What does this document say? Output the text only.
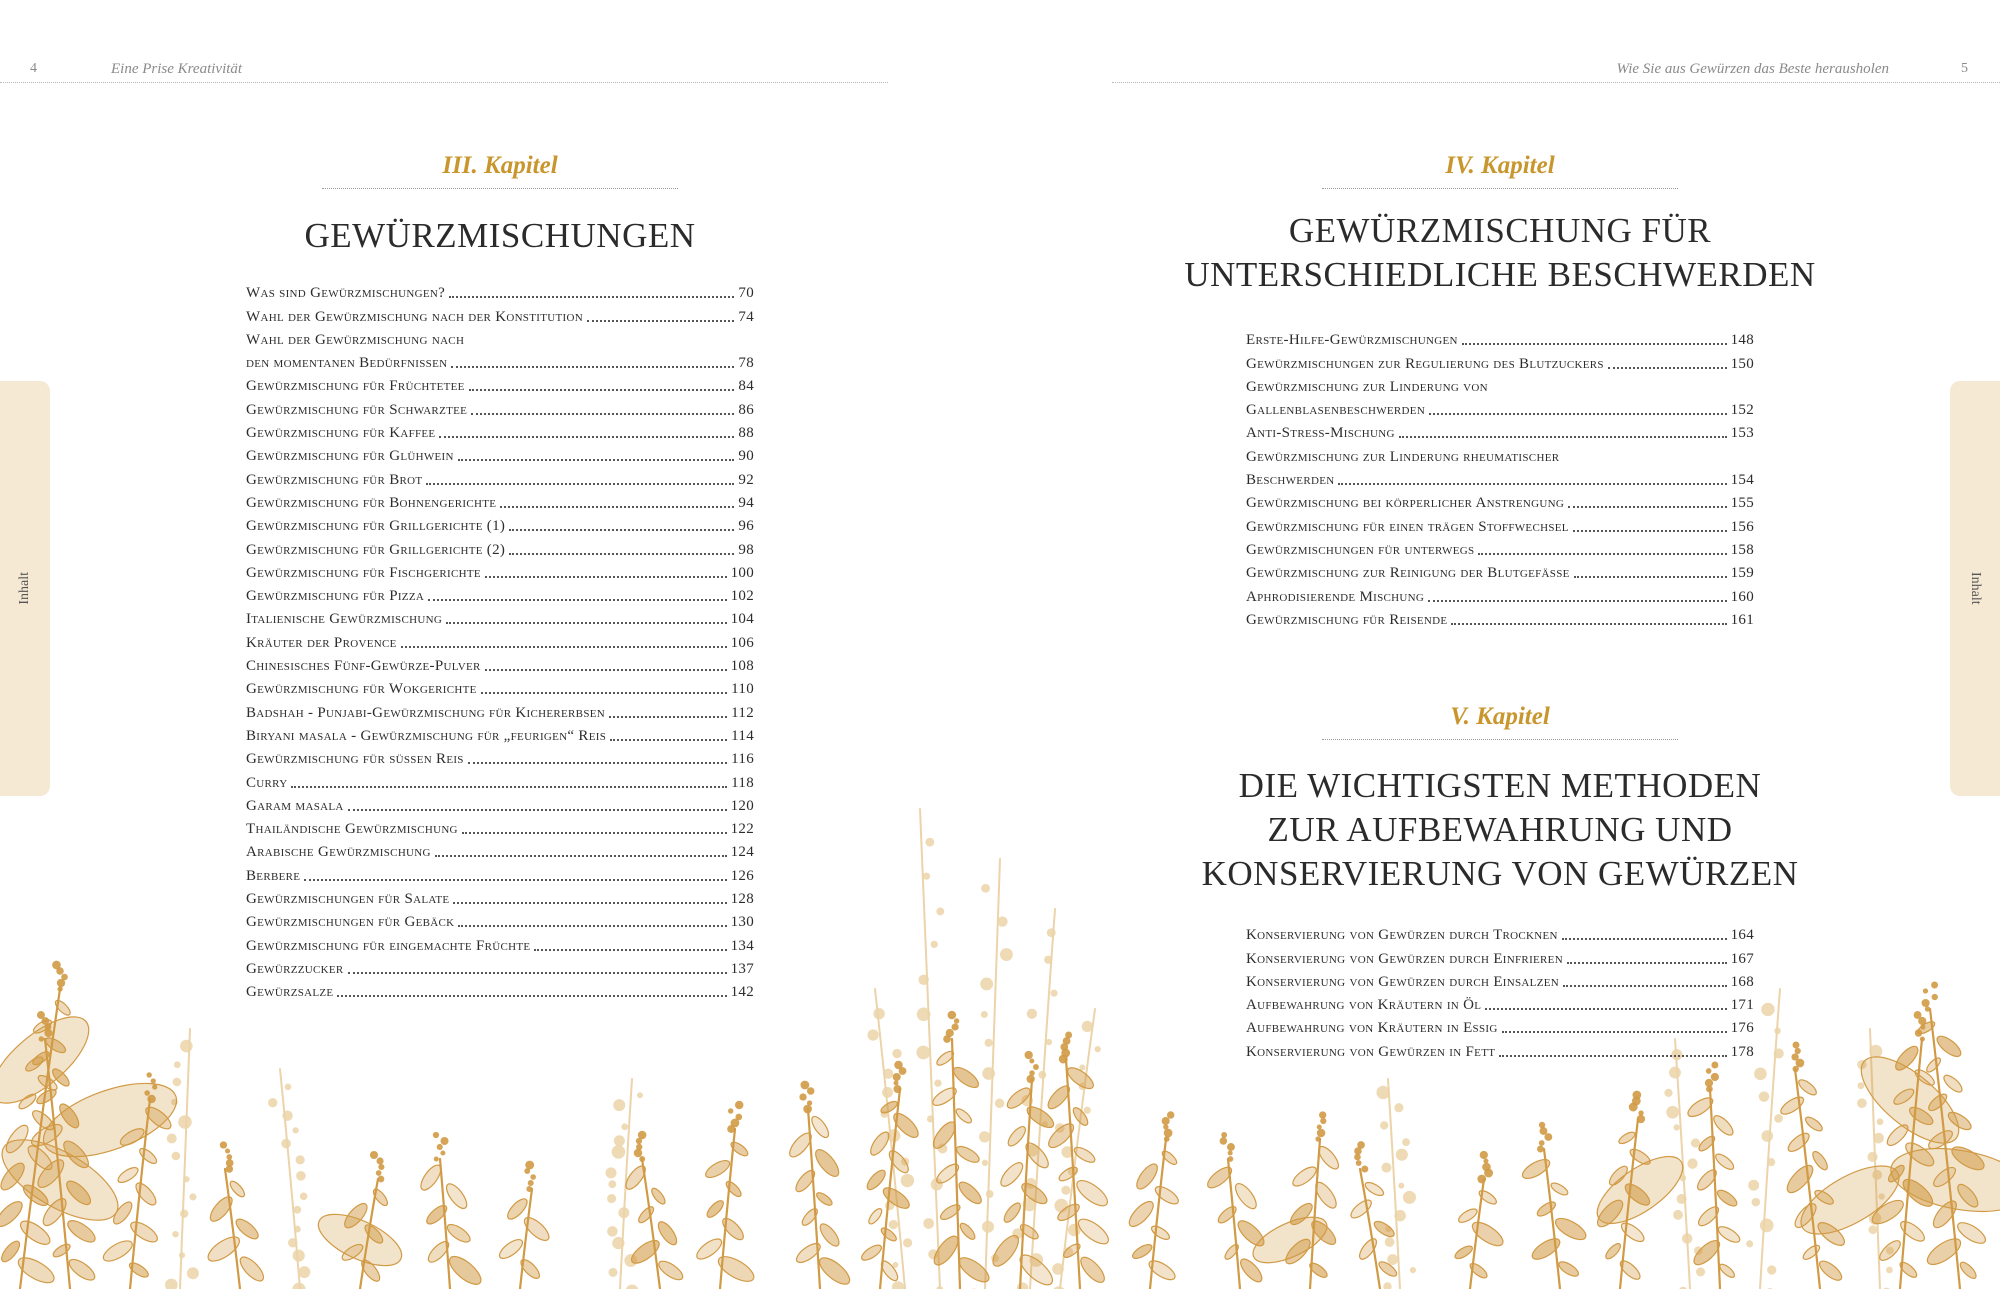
4	Eine Prise Kreativität
Inhalt
III. Kapitel
GEWÜRZMISCHUNGEN
Was sind Gewürzmischungen?	70
Wahl der Gewürzmischung nach der Konstitution	74
Wahl der Gewürzmischung nach
den momentanen Bedürfnissen	78
Gewürzmischung für Früchtetee	84
Gewürzmischung für Schwarztee	86
Gewürzmischung für Kaffee	88
Gewürzmischung für Glühwein	90
Gewürzmischung für Brot	92
Gewürzmischung für Bohnengerichte	94
Gewürzmischung für Grillgerichte (1)	96
Gewürzmischung für Grillgerichte (2)	98
Gewürzmischung für Fischgerichte	100
Gewürzmischung für Pizza	102
Italienische Gewürzmischung	104
Kräuter der Provence	106
Chinesisches Fünf-Gewürze-Pulver	108
Gewürzmischung für Wokgerichte	110
Badshah - Punjabi-Gewürzmischung für Kichererbsen	112
Biryani masala - Gewürzmischung für „feurigen“ Reis	114
Gewürzmischung für süssen Reis	116
Curry	118
Garam masala	120
Thailändische Gewürzmischung	122
Arabische Gewürzmischung	124
Berbere	126
Gewürzmischungen für Salate	128
Gewürzmischungen für Gebäck	130
Gewürzmischung für eingemachte Früchte	134
Gewürzzucker	137
Gewürzsalze	142
5
Wie Sie aus Gewürzen das Beste herausholen
Inhalt
IV. Kapitel
GEWÜRZMISCHUNG FÜR
UNTERSCHIEDLICHE BESCHWERDEN
Erste-Hilfe-Gewürzmischungen	148
Gewürzmischungen zur Regulierung des Blutzuckers	150
Gewürzmischung zur Linderung von
Gallenblasenbeschwerden	152
Anti-Stress-Mischung	153
Gewürzmischung zur Linderung rheumatischer
Beschwerden	154
Gewürzmischung bei körperlicher Anstrengung	155
Gewürzmischung für einen trägen Stoffwechsel	156
Gewürzmischungen für unterwegs	158
Gewürzmischung zur Reinigung der Blutgefässe	159
Aphrodisierende Mischung	160
Gewürzmischung für Reisende	161
V. Kapitel
DIE WICHTIGSTEN METHODEN
ZUR AUFBEWAHRUNG UND
KONSERVIERUNG VON GEWÜRZEN
Konservierung von Gewürzen durch Trocknen	164
Konservierung von Gewürzen durch Einfrieren	167
Konservierung von Gewürzen durch Einsalzen	168
Aufbewahrung von Kräutern in Öl	171
Aufbewahrung von Kräutern in Essig	176
Konservierung von Gewürzen in Fett	178
